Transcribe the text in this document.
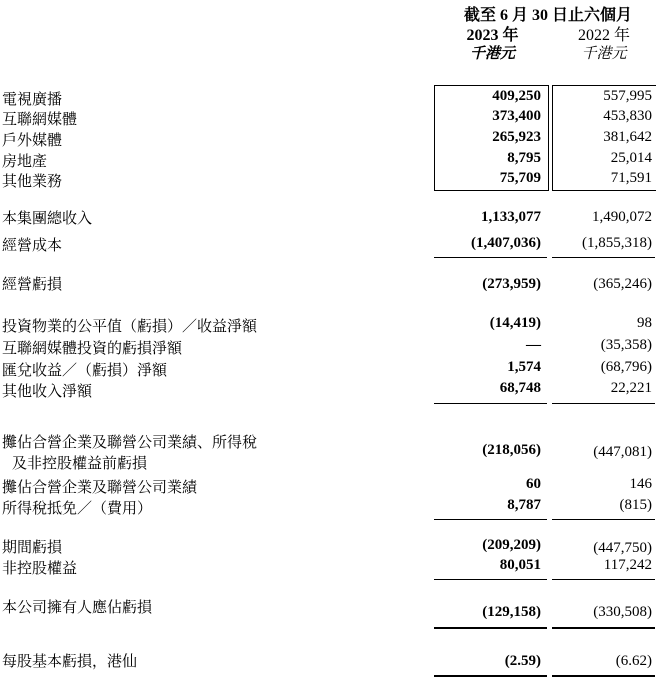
截至 6 月 30 日止六個月
2023 年	2022 年
千港元	千港元
電視廣播	409,250	557,995
互聯網媒體	373,400	453,830
戶外媒體	265,923	381,642
房地產	8,795	25,014
其他業務	75,709	71,591
本集團總收入	1,133,077	1,490,072
經營成本	(1,407,036)	(1,855,318)
經營虧損	(273,959)	(365,246)
投資物業的公平值（虧損）／收益淨額	(14,419)	98
互聯網媒體投資的虧損淨額	—	(35,358)
匯兌收益／（虧損）淨額	1,574	(68,796)
其他收入淨額	68,748	22,221
攤佔合營企業及聯營公司業績、所得稅
及非控股權益前虧損
(218,056)	(447,081)
攤佔合營企業及聯營公司業績	60	146
所得稅抵免／（費用）	8,787	(815)
期間虧損	(209,209)	(447,750)
非控股權益	80,051	117,242
本公司擁有人應佔虧損	(129,158)	(330,508)
每股基本虧損，港仙	(2.59)	(6.62)
